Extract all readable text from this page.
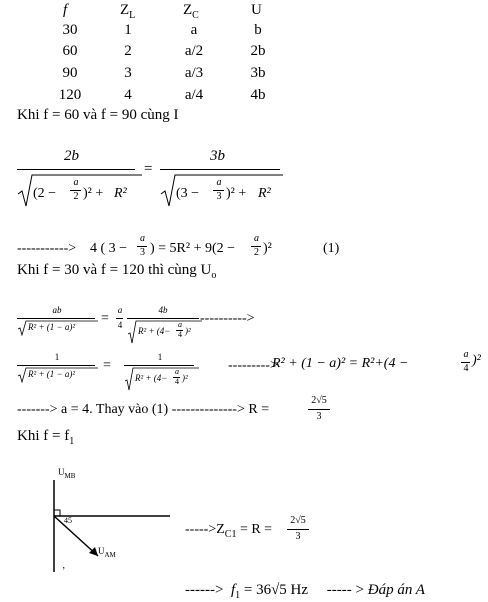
f	$Z_L$	$Z_C$	U
30	1	a	b
60	2	a/2	2b
90	3	a/3	3b
120	4	a/4	4b
Khi f = 60 và f = 90 cùng I
2b
(2 −
a
2 )² + R²
=
3b
(3 −
a
3 )² + R²
-----------> 4 ( 3 −
a
3 ) = 5R² + 9(2 −
a
2 )²	(1)
Khi f = 30 và f = 120 thì cùng $U_o$
ab
R² + (1 − a)²
=
a
4
4b
R² + (4−
a
4 )²
---------->
1
R² + (1 − a)²
=
1
R² + (4−
a
4 )²
--------->
R² + (1 − a)² = R²+(4 −
a
4
)²
-------> a = 4. Thay vào (1) --------------> R =
2√5
3
Khi $f = f_1$
$U_{MB}$
45
$U_{AM}$
’
$----->Z_{C1} = R$ =
2√5
3
------> $f_1 = 36√5$ Hz ----- > Đáp án A
